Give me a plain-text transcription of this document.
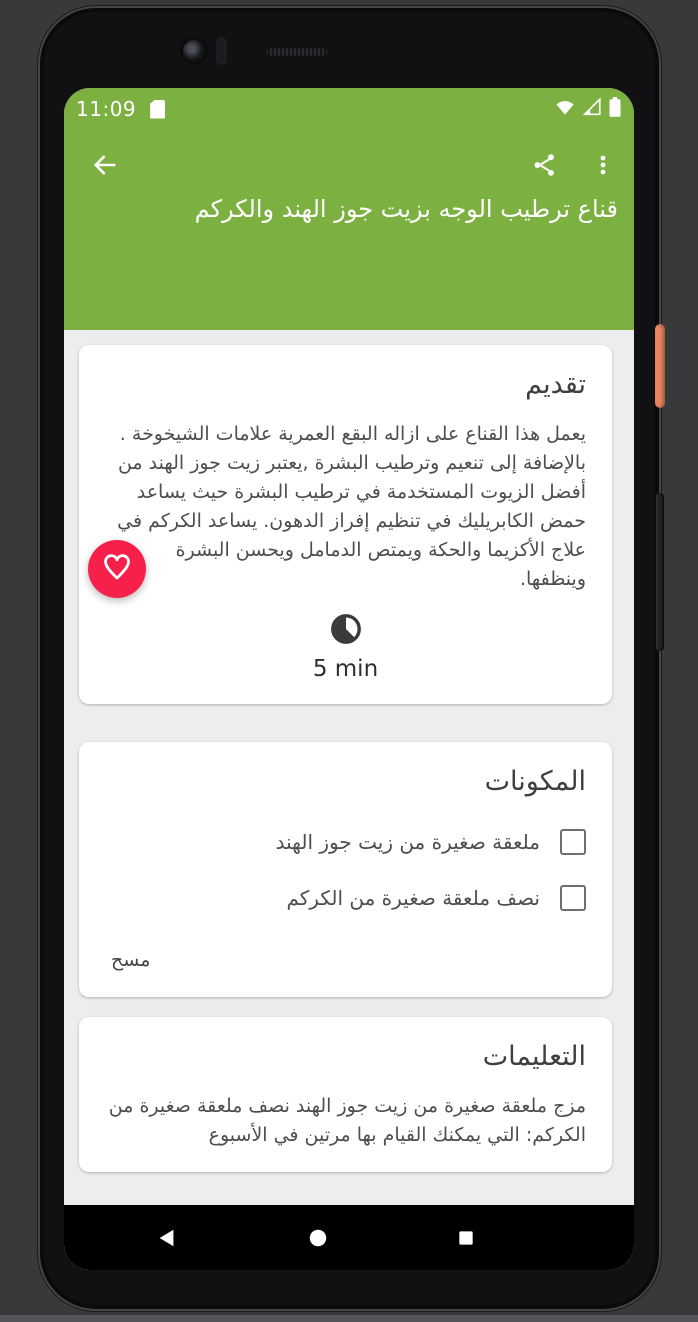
11:09
قناع ترطيب الوجه بزيت جوز الهند والكركم
تقديم
يعمل هذا القناع على ازاله البقع العمرية علامات الشيخوخة . بالإضافة إلى تنعيم وترطيب البشرة ,يعتبر زيت جوز الهند من أفضل الزيوت المستخدمة في ترطيب البشرة حيث يساعد حمض الكابريليك في تنظيم إفراز الدهون. يساعد الكركم في علاج الأكزيما والحكة ويمتص الدمامل ويحسن البشرة وينظفها.
5 min
المكونات
ملعقة صغيرة من زيت جوز الهند
نصف ملعقة صغيرة من الكركم
مسح
التعليمات
مزج ملعقة صغيرة من زيت جوز الهند نصف ملعقة صغيرة من الكركم: التي يمكنك القيام بها مرتين في الأسبوع
